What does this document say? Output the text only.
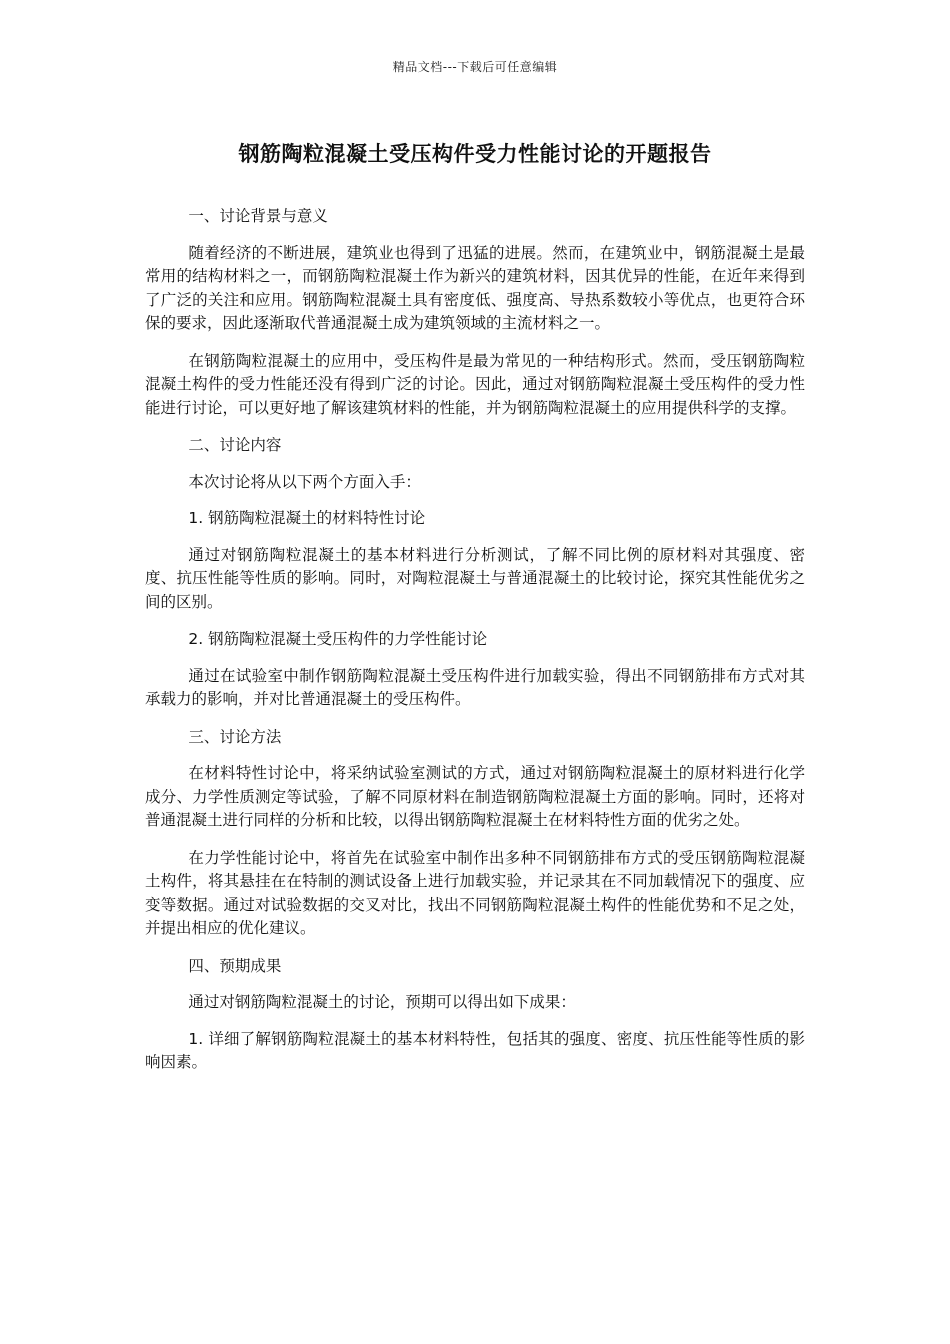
精品文档---下载后可任意编辑
钢筋陶粒混凝土受压构件受力性能讨论的开题报告

一、讨论背景与意义

随着经济的不断进展，建筑业也得到了迅猛的进展。然而，在建筑业中，钢筋混凝土是最常用的结构材料之一，而钢筋陶粒混凝土作为新兴的建筑材料，因其优异的性能，在近年来得到了广泛的关注和应用。钢筋陶粒混凝土具有密度低、强度高、导热系数较小等优点，也更符合环保的要求，因此逐渐取代普通混凝土成为建筑领域的主流材料之一。

在钢筋陶粒混凝土的应用中，受压构件是最为常见的一种结构形式。然而，受压钢筋陶粒混凝土构件的受力性能还没有得到广泛的讨论。因此，通过对钢筋陶粒混凝土受压构件的受力性能进行讨论，可以更好地了解该建筑材料的性能，并为钢筋陶粒混凝土的应用提供科学的支撑。

二、讨论内容

本次讨论将从以下两个方面入手：

1. 钢筋陶粒混凝土的材料特性讨论

通过对钢筋陶粒混凝土的基本材料进行分析测试，了解不同比例的原材料对其强度、密度、抗压性能等性质的影响。同时，对陶粒混凝土与普通混凝土的比较讨论，探究其性能优劣之间的区别。

2. 钢筋陶粒混凝土受压构件的力学性能讨论

通过在试验室中制作钢筋陶粒混凝土受压构件进行加载实验，得出不同钢筋排布方式对其承载力的影响，并对比普通混凝土的受压构件。

三、讨论方法

在材料特性讨论中，将采纳试验室测试的方式，通过对钢筋陶粒混凝土的原材料进行化学成分、力学性质测定等试验，了解不同原材料在制造钢筋陶粒混凝土方面的影响。同时，还将对普通混凝土进行同样的分析和比较，以得出钢筋陶粒混凝土在材料特性方面的优劣之处。

在力学性能讨论中，将首先在试验室中制作出多种不同钢筋排布方式的受压钢筋陶粒混凝土构件，将其悬挂在在特制的测试设备上进行加载实验，并记录其在不同加载情况下的强度、应变等数据。通过对试验数据的交叉对比，找出不同钢筋陶粒混凝土构件的性能优势和不足之处，并提出相应的优化建议。

四、预期成果

通过对钢筋陶粒混凝土的讨论，预期可以得出如下成果：

1. 详细了解钢筋陶粒混凝土的基本材料特性，包括其的强度、密度、抗压性能等性质的影响因素。
